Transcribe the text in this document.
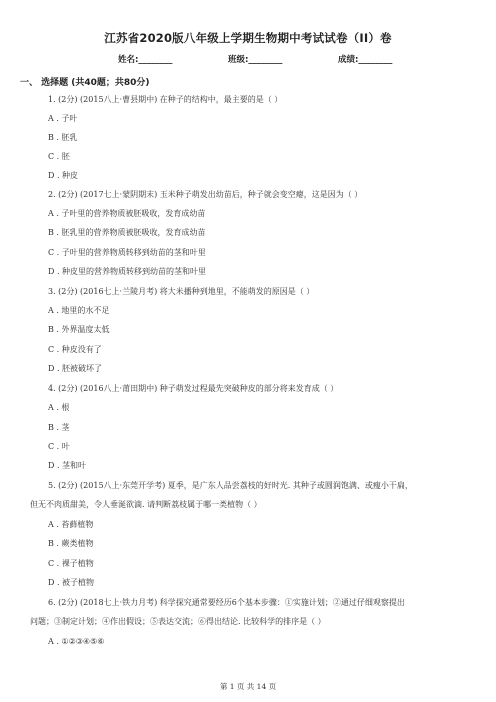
江苏省2020版八年级上学期生物期中考试试卷（II）卷
姓名:________	班级:________	成绩:________
一、 选择题 (共40题；共80分)
1. (2分) (2015八上·曹县期中) 在种子的结构中，最主要的是（ ）
A . 子叶
B . 胚乳
C . 胚
D . 种皮
2. (2分) (2017七上·蒙阴期末) 玉米种子萌发出幼苗后，种子就会变空瘪，这是因为（ ）
A . 子叶里的营养物质被胚吸收，发育成幼苗
B . 胚乳里的营养物质被胚吸收，发育成幼苗
C . 子叶里的营养物质转移到幼苗的茎和叶里
D . 种皮里的营养物质转移到幼苗的茎和叶里
3. (2分) (2016七上·兰陵月考) 将大米播种到地里，不能萌发的原因是（ ）
A . 地里的水不足
B . 外界温度太低
C . 种皮没有了
D . 胚被破坏了
4. (2分) (2016八上·莆田期中) 种子萌发过程最先突破种皮的部分将来发育成（ ）
A . 根
B . 茎
C . 叶
D . 茎和叶
5. (2分) (2015八上·东莞开学考) 夏季，是广东人品尝荔枝的好时光. 其种子或圆润饱满、或瘦小干扁，
但无不肉质甜美，令人垂涎欲滴. 请判断荔枝属于哪一类植物（ ）
A . 苔藓植物
B . 蕨类植物
C . 裸子植物
D . 被子植物
6. (2分) (2018七上·铁力月考) 科学探究通常要经历6个基本步骤：①实施计划；②通过仔细观察提出
问题；③制定计划；④作出假设；⑤表达交流；⑥得出结论. 比较科学的排序是（ ）
A . ①②③④⑤⑥
第 1 页 共 14 页
